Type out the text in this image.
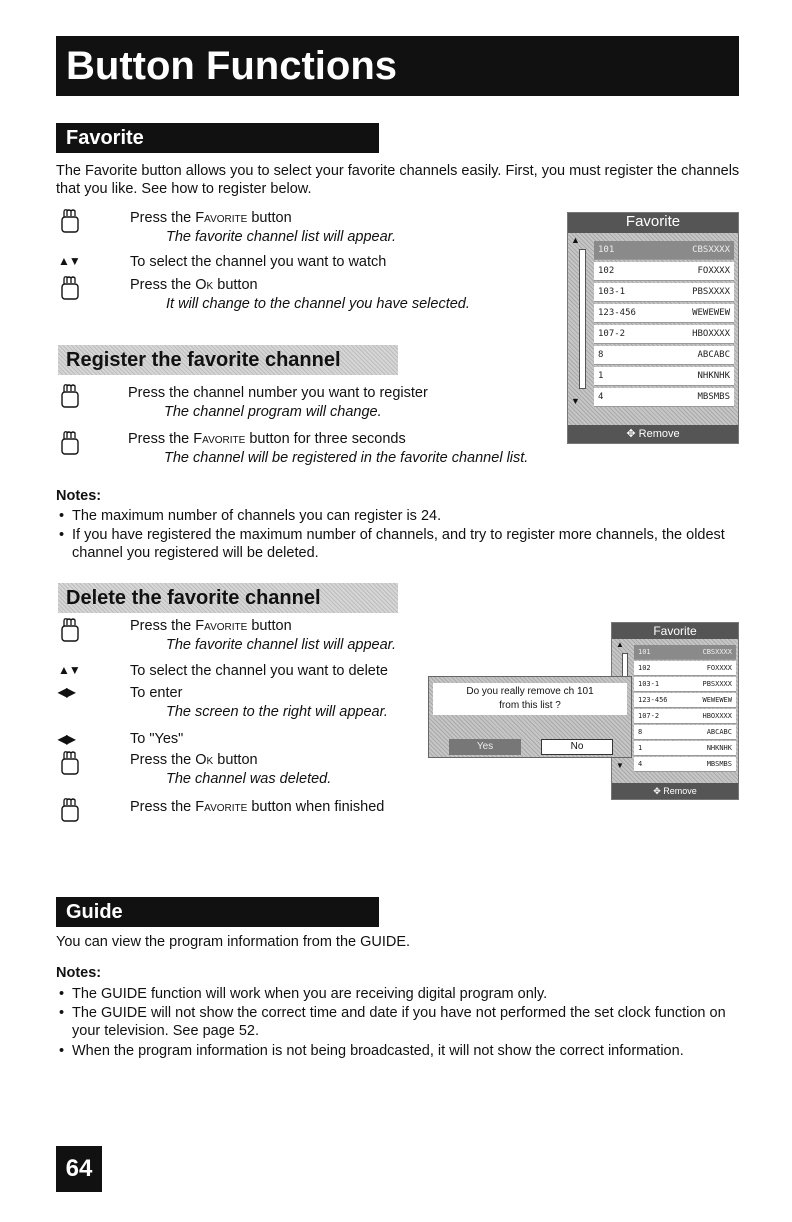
Button Functions
Favorite
The Favorite button allows you to select your favorite channels easily. First, you must register the channels that you like. See how to register below.
Press the Favorite button
The favorite channel list will appear.
▲▼	To select the channel you want to watch
Press the Ok button
It will change to the channel you have selected.
Register the favorite channel
Press the channel number you want to register
The channel program will change.
Press the Favorite button for three seconds
The channel will be registered in the favorite channel list.
Favorite
▲
▼
101	CBSXXXX
102	FOXXXX
103-1	PBSXXXX
123-456	WEWEWEW
107-2	HBOXXXX
8	ABCABC
1	NHKNHK
4	MBSMBS
✥ Remove
Notes:
• The maximum number of channels you can register is 24.
• If you have registered the maximum number of channels, and try to register more channels, the oldest channel you registered will be deleted.
Delete the favorite channel
Press the Favorite button
The favorite channel list will appear.
▲▼	To select the channel you want to delete
◀▶	To enter
The screen to the right will appear.
◀▶	To "Yes"
Press the Ok button
The channel was deleted.
Press the Favorite button when finished
Favorite
▲
▼
101	CBSXXXX
102	FOXXXX
103-1	PBSXXXX
123-456	WEWEWEW
107-2	HBOXXXX
8	ABCABC
1	NHKNHK
4	MBSMBS
✥ Remove
Do you really remove ch 101
from this list ?
Yes	No
Guide
You can view the program information from the GUIDE.
Notes:
• The GUIDE function will work when you are receiving digital program only.
• The GUIDE will not show the correct time and date if you have not performed the set clock function on your television. See page 52.
• When the program information is not being broadcasted, it will not show the correct information.
64
